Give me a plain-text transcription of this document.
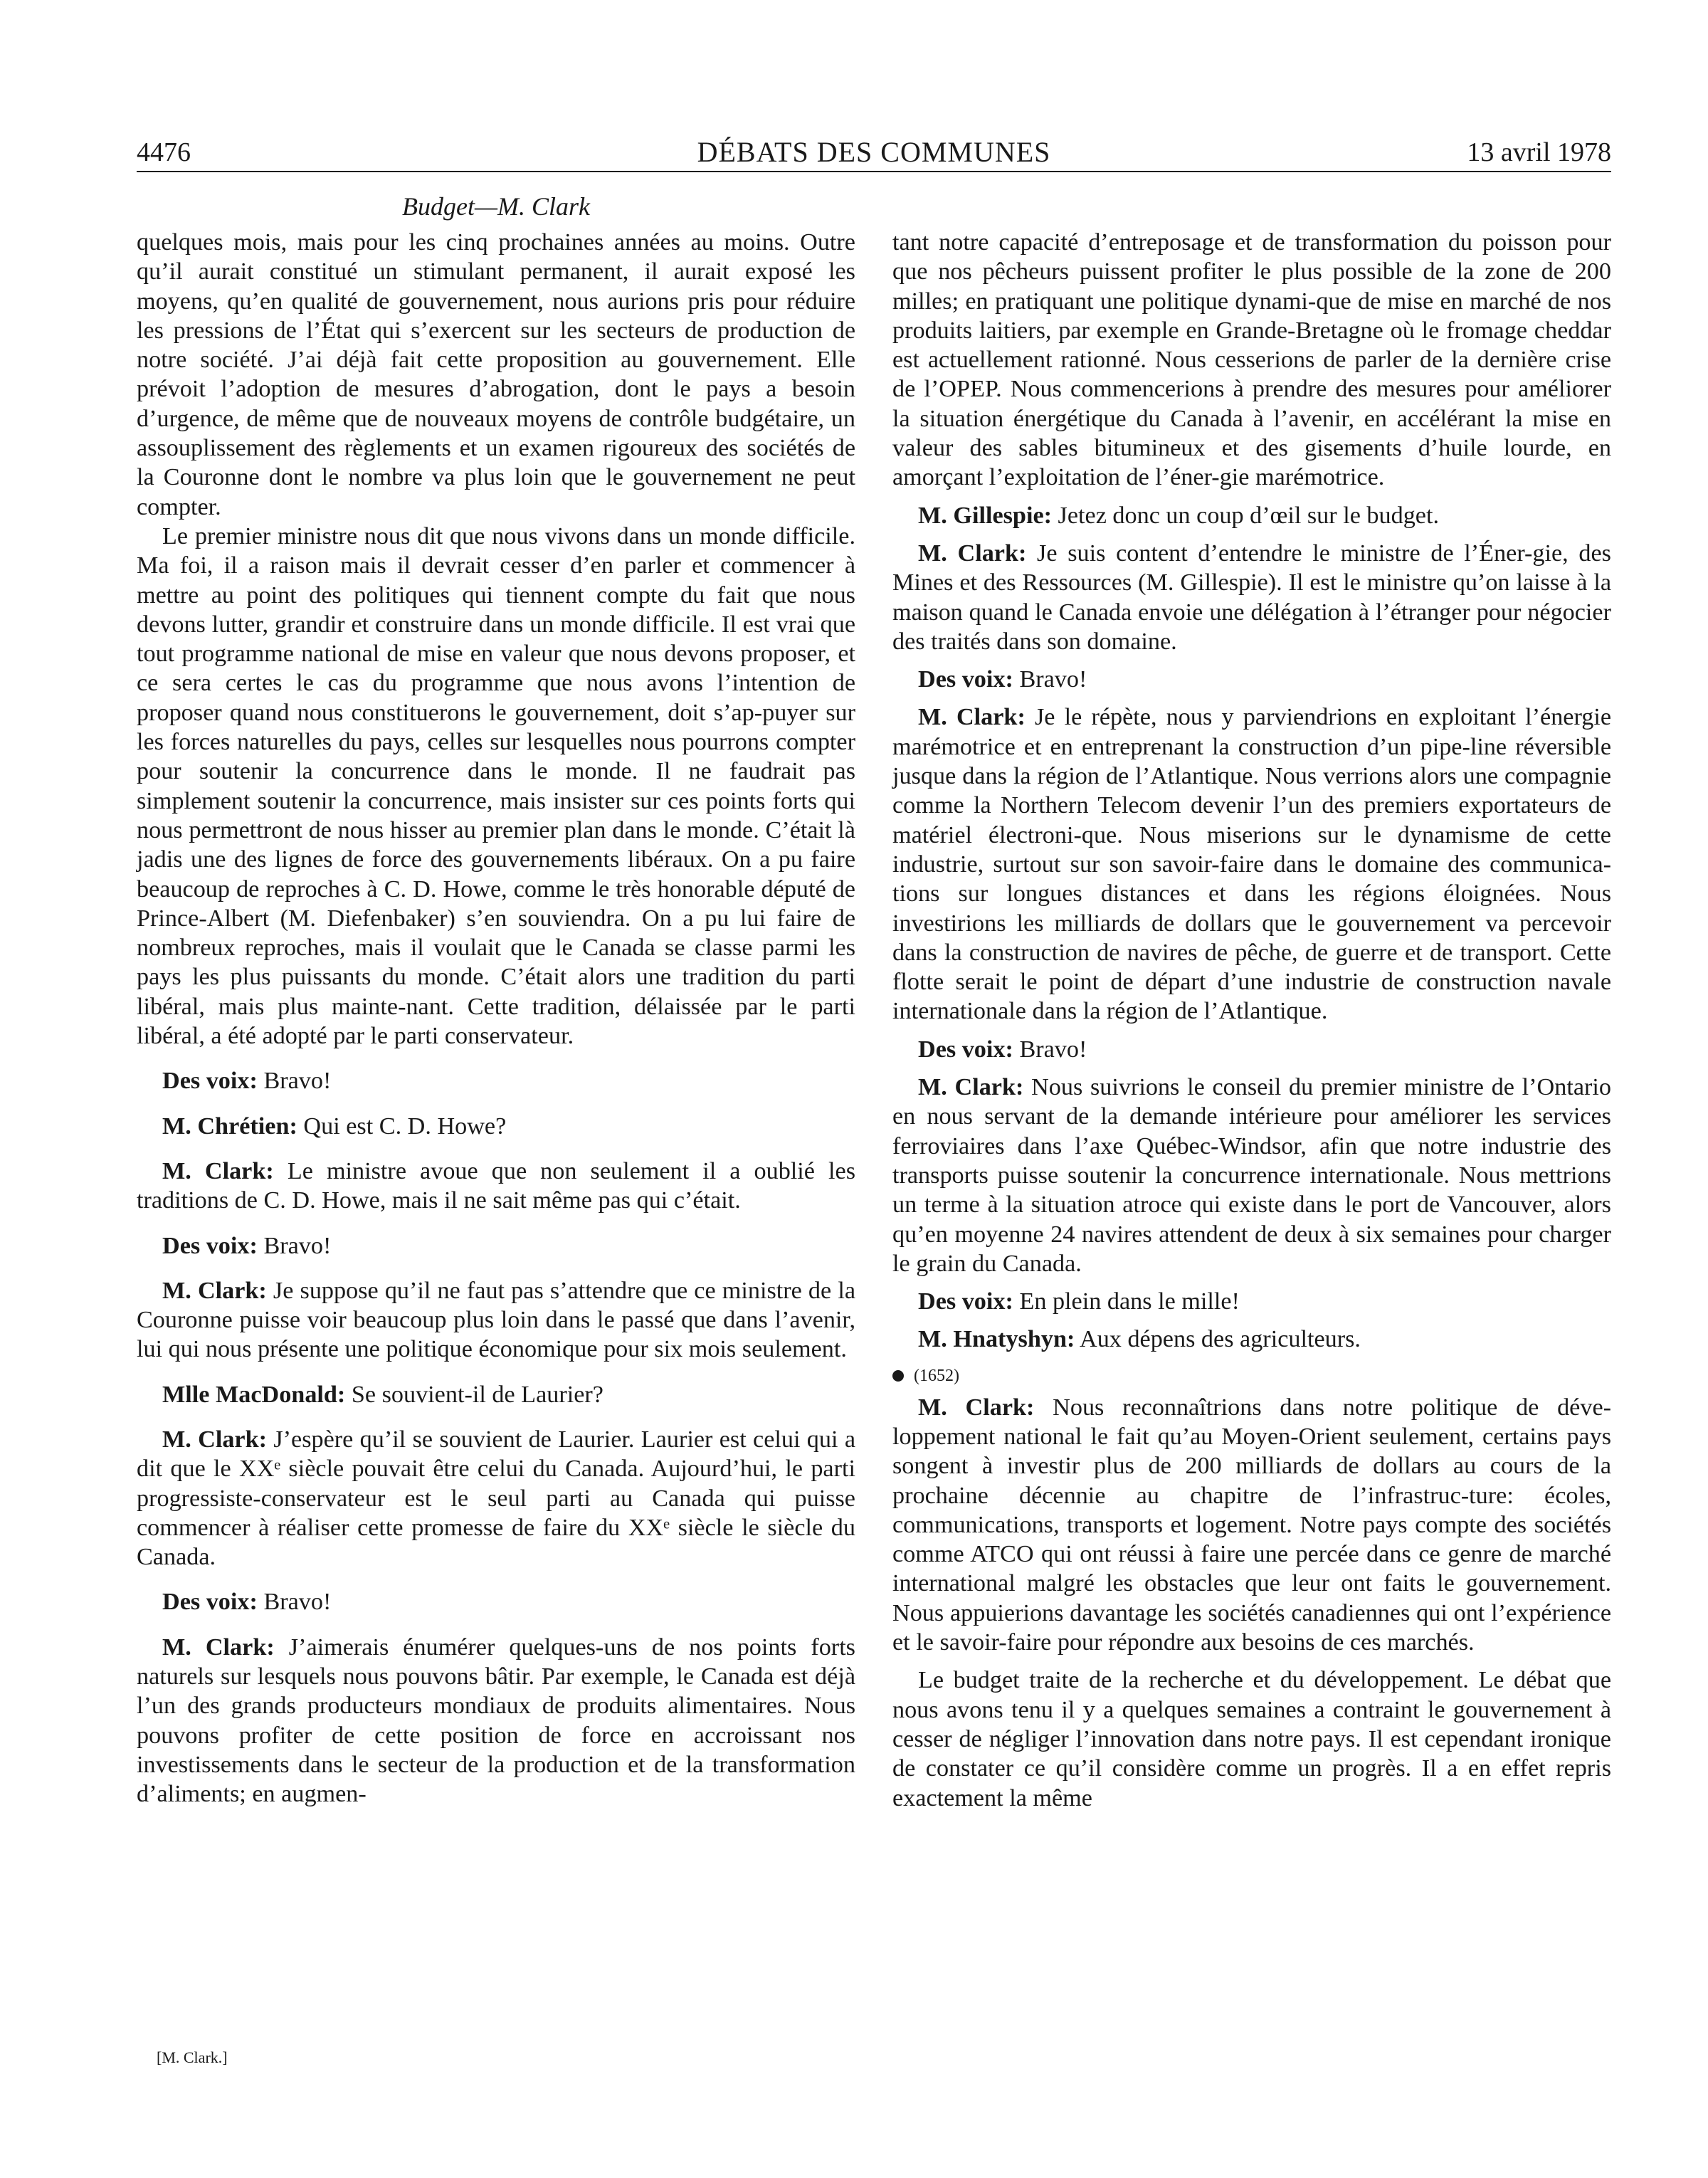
4476	DÉBATS DES COMMUNES	13 avril 1978
Budget—M. Clark

quelques mois, mais pour les cinq prochaines années au moins. Outre qu’il aurait constitué un stimulant permanent, il aurait exposé les moyens, qu’en qualité de gouvernement, nous aurions pris pour réduire les pressions de l’État qui s’exercent sur les secteurs de production de notre société. J’ai déjà fait cette proposition au gouvernement. Elle prévoit l’adoption de mesures d’abrogation, dont le pays a besoin d’urgence, de même que de nouveaux moyens de contrôle budgétaire, un assouplissement des règlements et un examen rigoureux des sociétés de la Couronne dont le nombre va plus loin que le gouvernement ne peut compter.

Le premier ministre nous dit que nous vivons dans un monde difficile. Ma foi, il a raison mais il devrait cesser d’en parler et commencer à mettre au point des politiques qui tiennent compte du fait que nous devons lutter, grandir et construire dans un monde difficile. Il est vrai que tout programme national de mise en valeur que nous devons proposer, et ce sera certes le cas du programme que nous avons l’intention de proposer quand nous constituerons le gouvernement, doit s’ap-puyer sur les forces naturelles du pays, celles sur lesquelles nous pourrons compter pour soutenir la concurrence dans le monde. Il ne faudrait pas simplement soutenir la concurrence, mais insister sur ces points forts qui nous permettront de nous hisser au premier plan dans le monde. C’était là jadis une des lignes de force des gouvernements libéraux. On a pu faire beaucoup de reproches à C. D. Howe, comme le très honorable député de Prince-Albert (M. Diefenbaker) s’en souviendra. On a pu lui faire de nombreux reproches, mais il voulait que le Canada se classe parmi les pays les plus puissants du monde. C’était alors une tradition du parti libéral, mais plus mainte-nant. Cette tradition, délaissée par le parti libéral, a été adopté par le parti conservateur.

Des voix: Bravo!

M. Chrétien: Qui est C. D. Howe?

M. Clark: Le ministre avoue que non seulement il a oublié les traditions de C. D. Howe, mais il ne sait même pas qui c’était.

Des voix: Bravo!

M. Clark: Je suppose qu’il ne faut pas s’attendre que ce ministre de la Couronne puisse voir beaucoup plus loin dans le passé que dans l’avenir, lui qui nous présente une politique économique pour six mois seulement.

Mlle MacDonald: Se souvient-il de Laurier?

M. Clark: J’espère qu’il se souvient de Laurier. Laurier est celui qui a dit que le XXᵉ siècle pouvait être celui du Canada. Aujourd’hui, le parti progressiste-conservateur est le seul parti au Canada qui puisse commencer à réaliser cette promesse de faire du XXᵉ siècle le siècle du Canada.

Des voix: Bravo!

M. Clark: J’aimerais énumérer quelques-uns de nos points forts naturels sur lesquels nous pouvons bâtir. Par exemple, le Canada est déjà l’un des grands producteurs mondiaux de produits alimentaires. Nous pouvons profiter de cette position de force en accroissant nos investissements dans le secteur de la production et de la transformation d’aliments; en augmen-

[M. Clark.]

tant notre capacité d’entreposage et de transformation du poisson pour que nos pêcheurs puissent profiter le plus possible de la zone de 200 milles; en pratiquant une politique dynami-que de mise en marché de nos produits laitiers, par exemple en Grande-Bretagne où le fromage cheddar est actuellement rationné. Nous cesserions de parler de la dernière crise de l’OPEP. Nous commencerions à prendre des mesures pour améliorer la situation énergétique du Canada à l’avenir, en accélérant la mise en valeur des sables bitumineux et des gisements d’huile lourde, en amorçant l’exploitation de l’éner-gie marémotrice.

M. Gillespie: Jetez donc un coup d’œil sur le budget.

M. Clark: Je suis content d’entendre le ministre de l’Éner-gie, des Mines et des Ressources (M. Gillespie). Il est le ministre qu’on laisse à la maison quand le Canada envoie une délégation à l’étranger pour négocier des traités dans son domaine.

Des voix: Bravo!

M. Clark: Je le répète, nous y parviendrions en exploitant l’énergie marémotrice et en entreprenant la construction d’un pipe-line réversible jusque dans la région de l’Atlantique. Nous verrions alors une compagnie comme la Northern Telecom devenir l’un des premiers exportateurs de matériel électroni-que. Nous miserions sur le dynamisme de cette industrie, surtout sur son savoir-faire dans le domaine des communica-tions sur longues distances et dans les régions éloignées. Nous investirions les milliards de dollars que le gouvernement va percevoir dans la construction de navires de pêche, de guerre et de transport. Cette flotte serait le point de départ d’une industrie de construction navale internationale dans la région de l’Atlantique.

Des voix: Bravo!

M. Clark: Nous suivrions le conseil du premier ministre de l’Ontario en nous servant de la demande intérieure pour améliorer les services ferroviaires dans l’axe Québec-Windsor, afin que notre industrie des transports puisse soutenir la concurrence internationale. Nous mettrions un terme à la situation atroce qui existe dans le port de Vancouver, alors qu’en moyenne 24 navires attendent de deux à six semaines pour charger le grain du Canada.

Des voix: En plein dans le mille!

M. Hnatyshyn: Aux dépens des agriculteurs.

(1652)

M. Clark: Nous reconnaîtrions dans notre politique de déve-loppement national le fait qu’au Moyen-Orient seulement, certains pays songent à investir plus de 200 milliards de dollars au cours de la prochaine décennie au chapitre de l’infrastruc-ture: écoles, communications, transports et logement. Notre pays compte des sociétés comme ATCO qui ont réussi à faire une percée dans ce genre de marché international malgré les obstacles que leur ont faits le gouvernement. Nous appuierions davantage les sociétés canadiennes qui ont l’expérience et le savoir-faire pour répondre aux besoins de ces marchés.

Le budget traite de la recherche et du développement. Le débat que nous avons tenu il y a quelques semaines a contraint le gouvernement à cesser de négliger l’innovation dans notre pays. Il est cependant ironique de constater ce qu’il considère comme un progrès. Il a en effet repris exactement la même
